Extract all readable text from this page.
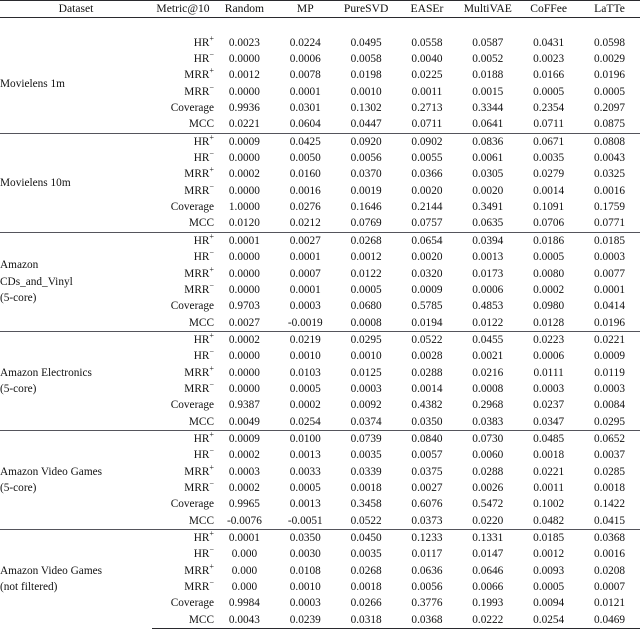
Dataset	Metric@10	Random	MP	PureSVD	EASEr	MultiVAE	CoFFee	LaTTe

Movielens 1m	HR+	0.0023	0.0224	0.0495	0.0558	0.0587	0.0431	0.0598
	HR−	0.0000	0.0006	0.0058	0.0040	0.0052	0.0023	0.0029
	MRR+	0.0012	0.0078	0.0198	0.0225	0.0188	0.0166	0.0196
	MRR−	0.0000	0.0001	0.0010	0.0011	0.0015	0.0005	0.0005
	Coverage	0.9936	0.0301	0.1302	0.2713	0.3344	0.2354	0.2097
	MCC	0.0221	0.0604	0.0447	0.0711	0.0641	0.0711	0.0875

Movielens 10m	HR+	0.0009	0.0425	0.0920	0.0902	0.0836	0.0671	0.0808
	HR−	0.0000	0.0050	0.0056	0.0055	0.0061	0.0035	0.0043
	MRR+	0.0002	0.0160	0.0370	0.0366	0.0305	0.0279	0.0325
	MRR−	0.0000	0.0016	0.0019	0.0020	0.0020	0.0014	0.0016
	Coverage	1.0000	0.0276	0.1646	0.2144	0.3491	0.1091	0.1759
	MCC	0.0120	0.0212	0.0769	0.0757	0.0635	0.0706	0.0771

Amazon
CDs_and_Vinyl
(5-core)	HR+	0.0001	0.0027	0.0268	0.0654	0.0394	0.0186	0.0185
	HR−	0.0000	0.0001	0.0012	0.0020	0.0013	0.0005	0.0003
	MRR+	0.0000	0.0007	0.0122	0.0320	0.0173	0.0080	0.0077
	MRR−	0.0000	0.0001	0.0005	0.0009	0.0006	0.0002	0.0001
	Coverage	0.9703	0.0003	0.0680	0.5785	0.4853	0.0980	0.0414
	MCC	0.0027	-0.0019	0.0008	0.0194	0.0122	0.0128	0.0196

Amazon Electronics
(5-core)	HR+	0.0002	0.0219	0.0295	0.0522	0.0455	0.0223	0.0221
	HR−	0.0000	0.0010	0.0010	0.0028	0.0021	0.0006	0.0009
	MRR+	0.0000	0.0103	0.0125	0.0288	0.0216	0.0111	0.0119
	MRR−	0.0000	0.0005	0.0003	0.0014	0.0008	0.0003	0.0003
	Coverage	0.9387	0.0002	0.0092	0.4382	0.2968	0.0237	0.0084
	MCC	0.0049	0.0254	0.0374	0.0350	0.0383	0.0347	0.0295

Amazon Video Games
(5-core)	HR+	0.0009	0.0100	0.0739	0.0840	0.0730	0.0485	0.0652
	HR−	0.0002	0.0013	0.0035	0.0057	0.0060	0.0018	0.0037
	MRR+	0.0003	0.0033	0.0339	0.0375	0.0288	0.0221	0.0285
	MRR−	0.0002	0.0005	0.0018	0.0027	0.0026	0.0011	0.0018
	Coverage	0.9965	0.0013	0.3458	0.6076	0.5472	0.1002	0.1422
	MCC	-0.0076	-0.0051	0.0522	0.0373	0.0220	0.0482	0.0415

Amazon Video Games
(not filtered)	HR+	0.0001	0.0350	0.0450	0.1233	0.1331	0.0185	0.0368
	HR−	0.000	0.0030	0.0035	0.0117	0.0147	0.0012	0.0016
	MRR+	0.000	0.0108	0.0268	0.0636	0.0646	0.0093	0.0208
	MRR−	0.000	0.0010	0.0018	0.0056	0.0066	0.0005	0.0007
	Coverage	0.9984	0.0003	0.0266	0.3776	0.1993	0.0094	0.0121
	MCC	0.0043	0.0239	0.0318	0.0368	0.0222	0.0254	0.0469
